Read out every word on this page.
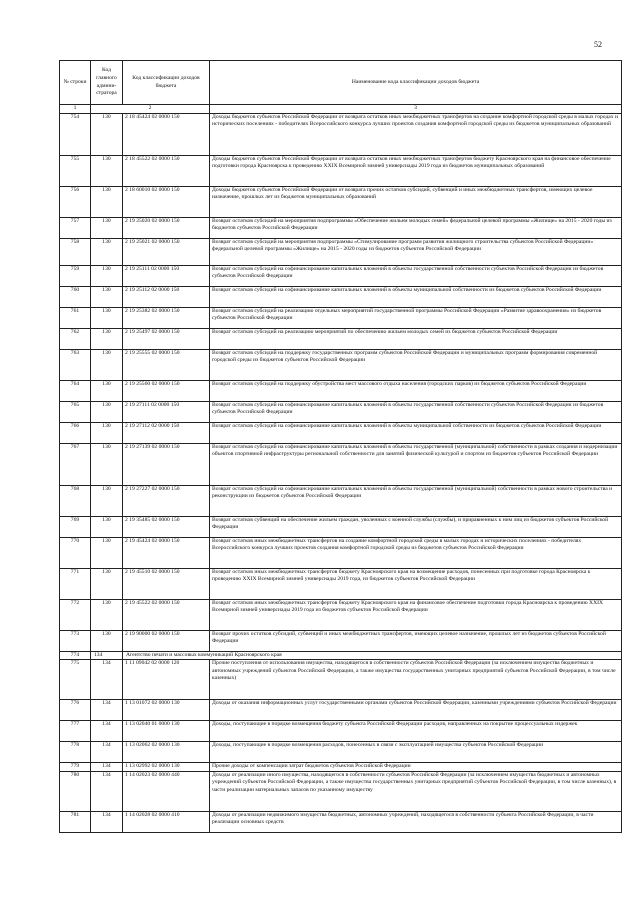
52
№ строки	Код главного админи-стратора	Код классификации доходов бюджета	Наименование кода классификации доходов бюджета
1	2		3
754	130	2 18 45424 02 0000 150	Доходы бюджетов субъектов Российской Федерации от возврата остатков иных межбюджетных трансфертов на создание комфортной городской среды в малых городах и исторических поселениях - победителях Всероссийского конкурса лучших проектов создания комфортной городской среды из бюджетов муниципальных образований
755	130	2 18 45522 02 0000 150	Доходы бюджетов субъектов Российской Федерации от возврата остатков иных межбюджетных трансфертов бюджету Красноярского края на финансовое обеспечение подготовки города Красноярска к проведению XXIX Всемирной зимней универсиады 2019 года из бюджетов муниципальных образований
756	130	2 18 60010 02 0000 150	Доходы бюджетов субъектов Российской Федерации от возврата прочих остатков субсидий, субвенций и иных межбюджетных трансфертов, имеющих целевое назначение, прошлых лет из бюджетов муниципальных образований
757	130	2 19 25020 02 0000 150	Возврат остатков субсидий на мероприятия подпрограммы «Обеспечение жильем молодых семей» федеральной целевой программы «Жилище» на 2015 - 2020 годы из бюджетов субъектов Российской Федерации
758	130	2 19 25021 02 0000 150	Возврат остатков субсидий на мероприятия подпрограммы «Стимулирование программ развития жилищного строительства субъектов Российской Федерации» федеральной целевой программы «Жилище» на 2015 - 2020 годы из бюджетов субъектов Российской Федерации
759	130	2 19 25111 02 0000 150	Возврат остатков субсидий на софинансирование капитальных вложений в объекты государственной собственности субъектов Российской Федерации из бюджетов субъектов Российской Федерации
760	130	2 19 25112 02 0000 150	Возврат остатков субсидий на софинансирование капитальных вложений в объекты муниципальной собственности из бюджетов субъектов Российской Федерации
761	130	2 19 25382 02 0000 150	Возврат остатков субсидий на реализацию отдельных мероприятий государственной программы Российской Федерации «Развитие здравоохранения» из бюджетов субъектов Российской Федерации
762	130	2 19 25497 02 0000 150	Возврат остатков субсидий на реализацию мероприятий по обеспечению жильем молодых семей из бюджетов субъектов Российской Федерации
763	130	2 19 25555 02 0000 150	Возврат остатков субсидий на поддержку государственных программ субъектов Российской Федерации и муниципальных программ формирования современной городской среды из бюджетов субъектов Российской Федерации
764	130	2 19 25560 02 0000 150	Возврат остатков субсидий на поддержку обустройства мест массового отдыха населения (городских парков) из бюджетов субъектов Российской Федерации
765	130	2 19 27111 02 0000 150	Возврат остатков субсидий на софинансирование капитальных вложений в объекты государственной собственности субъектов Российской Федерации из бюджетов субъектов Российской Федерации
766	130	2 19 27112 02 0000 150	Возврат остатков субсидий на софинансирование капитальных вложений в объекты муниципальной собственности из бюджетов субъектов Российской Федерации
767	130	2 19 27139 02 0000 150	Возврат остатков субсидий на софинансирование капитальных вложений в объекты государственной (муниципальной) собственности в рамках создания и модернизации объектов спортивной инфраструктуры региональной собственности для занятий физической культурой и спортом из бюджетов субъектов Российской Федерации
768	130	2 19 27227 02 0000 150	Возврат остатков субсидий на софинансирование капитальных вложений в объекты государственной (муниципальной) собственности в рамках нового строительства и реконструкции из бюджетов субъектов Российской Федерации
769	130	2 19 35485 02 0000 150	Возврат остатков субвенций на обеспечение жильем граждан, уволенных с военной службы (службы), и приравненных к ним лиц из бюджетов субъектов Российской Федерации
770	130	2 19 45424 02 0000 150	Возврат остатков иных межбюджетных трансфертов на создание комфортной городской среды в малых городах и исторических поселениях - победителях Всероссийского конкурса лучших проектов создания комфортной городской среды из бюджетов субъектов Российской Федерации
771	130	2 19 45510 02 0000 150	Возврат остатков иных межбюджетных трансфертов бюджету Красноярского края на возмещение расходов, понесенных при подготовке города Красноярска к проведению XXIX Всемирной зимней универсиады 2019 года, из бюджетов субъектов Российской Федерации
772	130	2 19 45522 02 0000 150	Возврат остатков иных межбюджетных трансфертов бюджету Красноярского края на финансовое обеспечение подготовки города Красноярска к проведению XXIX Всемирной зимней универсиады 2019 года из бюджетов субъектов Российской Федерации
773	130	2 19 90000 02 0000 150	Возврат прочих остатков субсидий, субвенций и иных межбюджетных трансфертов, имеющих целевое назначение, прошлых лет из бюджетов субъектов Российской Федерации
774	134	Агентство печати и массовых коммуникаций Красноярского края	
775	134	1 11 09042 02 0000 120	Прочие поступления от использования имущества, находящегося в собственности субъектов Российской Федерации (за исключением имущества бюджетных и автономных учреждений субъектов Российской Федерации, а также имущества государственных унитарных предприятий субъектов Российской Федерации, в том числе казенных)
776	134	1 13 01072 02 0000 130	Доходы от оказания информационных услуг государственными органами субъектов Российской Федерации, казенными учреждениями субъектов Российской Федерации
777	134	1 13 02040 01 0000 130	Доходы, поступающие в порядке возмещения бюджету субъекта Российской Федерации расходов, направленных на покрытие процессуальных издержек
778	134	1 13 02062 02 0000 130	Доходы, поступающие в порядке возмещения расходов, понесенных в связи с эксплуатацией имущества субъектов Российской Федерации
779	134	1 13 02992 02 0000 130	Прочие доходы от компенсации затрат бюджетов субъектов Российской Федерации
780	134	1 14 02023 02 0000 440	Доходы от реализации иного имущества, находящегося в собственности субъектов Российской Федерации (за исключением имущества бюджетных и автономных учреждений субъектов Российской Федерации, а также имущества государственных унитарных предприятий субъектов Российской Федерации, в том числе казенных), в части реализации материальных запасов по указанному имуществу
781	134	1 14 02028 02 0000 410	Доходы от реализации недвижимого имущества бюджетных, автономных учреждений, находящегося в собственности субъекта Российской Федерации, в части реализации основных средств
